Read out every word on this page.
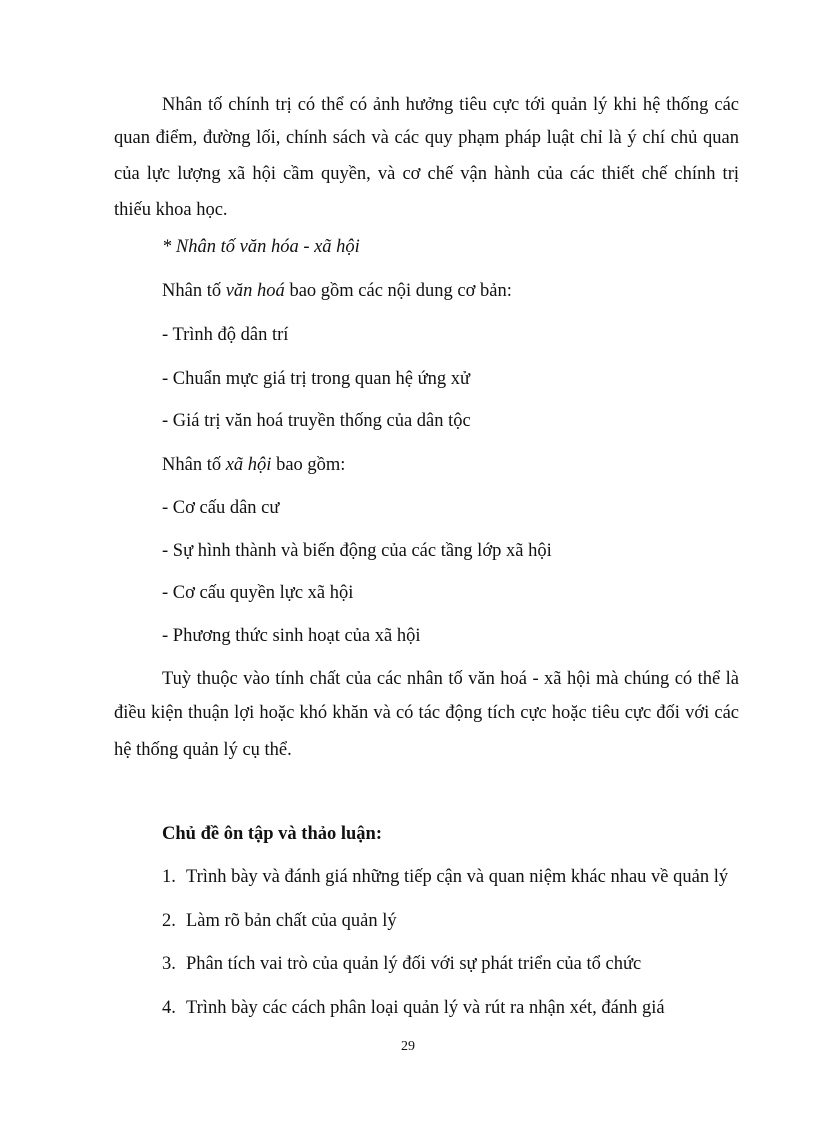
Nhân tố chính trị có thể có ảnh hưởng tiêu cực tới quản lý khi hệ thống các

quan điểm, đường lối, chính sách và các quy phạm pháp luật chỉ là ý chí chủ quan

của lực lượng xã hội cầm quyền, và cơ chế vận hành của các thiết chế chính trị

thiếu khoa học.

* Nhân tố văn hóa - xã hội

Nhân tố văn hoá bao gồm các nội dung cơ bản:

- Trình độ dân trí

- Chuẩn mực giá trị trong quan hệ ứng xử

- Giá trị văn hoá truyền thống của dân tộc

Nhân tố xã hội bao gồm:

- Cơ cấu dân cư

- Sự hình thành và biến động của các tầng lớp xã hội

- Cơ cấu quyền lực xã hội

- Phương thức sinh hoạt của xã hội

Tuỳ thuộc vào tính chất của các nhân tố văn hoá - xã hội mà chúng có thể là

điều kiện thuận lợi hoặc khó khăn và có tác động tích cực hoặc tiêu cực đối với các

hệ thống quản lý cụ thể.

Chủ đề ôn tập và thảo luận:

1. Trình bày và đánh giá những tiếp cận và quan niệm khác nhau về quản lý

2. Làm rõ bản chất của quản lý

3. Phân tích vai trò của quản lý đối với sự phát triển của tổ chức

4. Trình bày các cách phân loại quản lý và rút ra nhận xét, đánh giá

29
